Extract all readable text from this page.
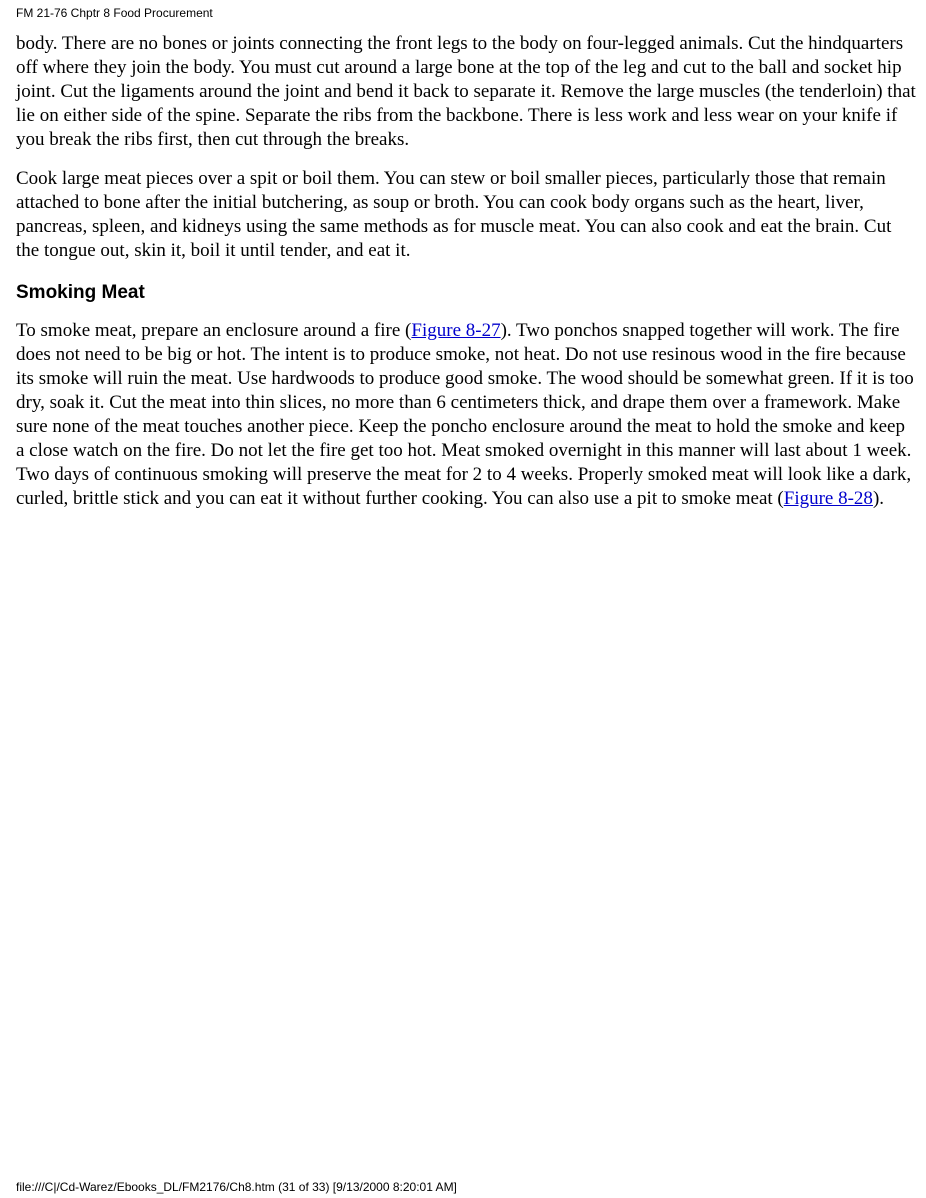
FM 21-76 Chptr 8 Food Procurement

body. There are no bones or joints connecting the front legs to the body on four-legged animals. Cut the hindquarters off where they join the body. You must cut around a large bone at the top of the leg and cut to the ball and socket hip joint. Cut the ligaments around the joint and bend it back to separate it. Remove the large muscles (the tenderloin) that lie on either side of the spine. Separate the ribs from the backbone. There is less work and less wear on your knife if you break the ribs first, then cut through the breaks.

Cook large meat pieces over a spit or boil them. You can stew or boil smaller pieces, particularly those that remain attached to bone after the initial butchering, as soup or broth. You can cook body organs such as the heart, liver, pancreas, spleen, and kidneys using the same methods as for muscle meat. You can also cook and eat the brain. Cut the tongue out, skin it, boil it until tender, and eat it.

Smoking Meat

To smoke meat, prepare an enclosure around a fire (Figure 8-27). Two ponchos snapped together will work. The fire does not need to be big or hot. The intent is to produce smoke, not heat. Do not use resinous wood in the fire because its smoke will ruin the meat. Use hardwoods to produce good smoke. The wood should be somewhat green. If it is too dry, soak it. Cut the meat into thin slices, no more than 6 centimeters thick, and drape them over a framework. Make sure none of the meat touches another piece. Keep the poncho enclosure around the meat to hold the smoke and keep a close watch on the fire. Do not let the fire get too hot. Meat smoked overnight in this manner will last about 1 week. Two days of continuous smoking will preserve the meat for 2 to 4 weeks. Properly smoked meat will look like a dark, curled, brittle stick and you can eat it without further cooking. You can also use a pit to smoke meat (Figure 8-28).

file:///C|/Cd-Warez/Ebooks_DL/FM2176/Ch8.htm (31 of 33) [9/13/2000 8:20:01 AM]
